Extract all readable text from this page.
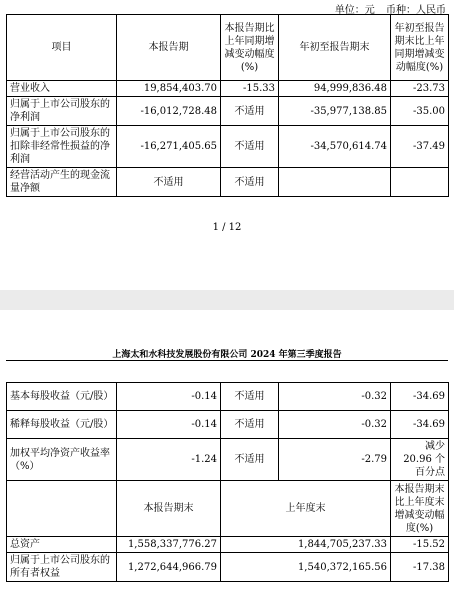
单位：元 币种：人民币
项目	本报告期	本报告期比上年同期增减变动幅度(%)	年初至报告期末	年初至报告期末比上年同期增减变动幅度(%)
营业收入	19,854,403.70	-15.33	94,999,836.48	-23.73
归属于上市公司股东的净利润	-16,012,728.48	不适用	-35,977,138.85	-35.00
归属于上市公司股东的扣除非经常性损益的净利润	-16,271,405.65	不适用	-34,570,614.74	-37.49
经营活动产生的现金流量净额	不适用	不适用		
1 / 12
上海太和水科技发展股份有限公司 2024 年第三季度报告
基本每股收益（元/股）	-0.14	不适用	-0.32	-34.69
稀释每股收益（元/股）	-0.14	不适用	-0.32	-34.69
加权平均净资产收益率（%）	-1.24	不适用	-2.79	减少 20.96 个百分点
	本报告期末	上年度末		本报告期末比上年度末增减变动幅度(%)
总资产	1,558,337,776.27	1,844,705,237.33		-15.52
归属于上市公司股东的所有者权益	1,272,644,966.79	1,540,372,165.56		-17.38
